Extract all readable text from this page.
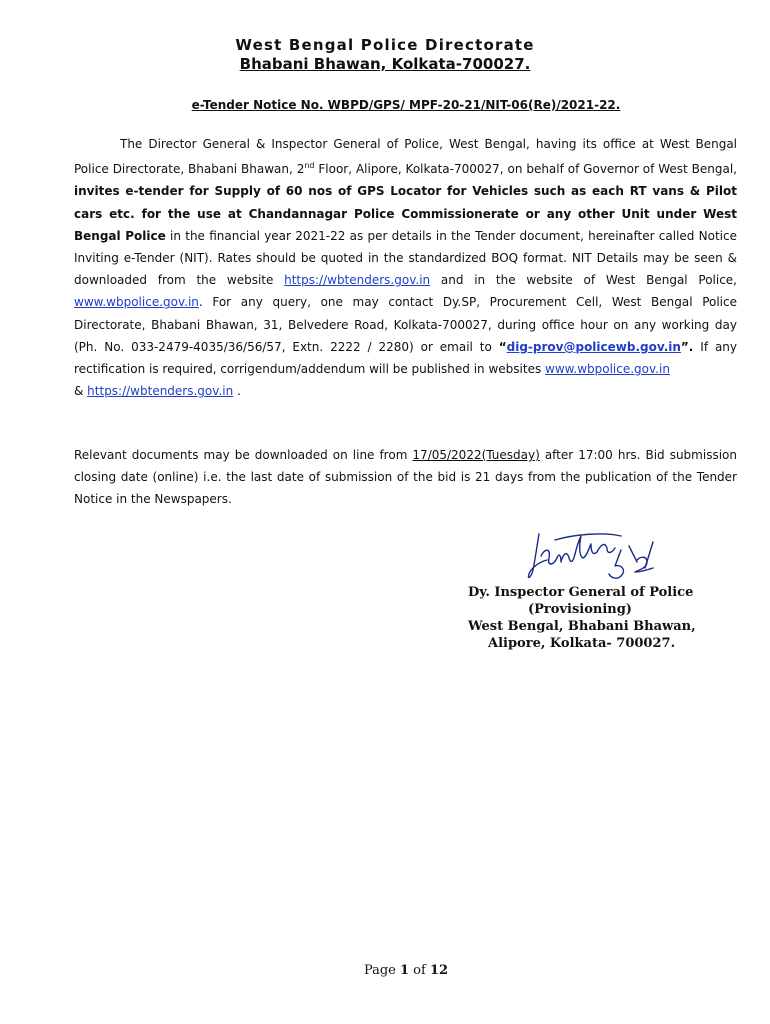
West Bengal Police Directorate
Bhabani Bhawan, Kolkata-700027.
e-Tender Notice No. WBPD/GPS/ MPF-20-21/NIT-06(Re)/2021-22.
The Director General & Inspector General of Police, West Bengal, having its office at West Bengal Police Directorate, Bhabani Bhawan, 2nd Floor, Alipore, Kolkata-700027, on behalf of Governor of West Bengal, invites e-tender for Supply of 60 nos of GPS Locator for Vehicles such as each RT vans & Pilot cars etc. for the use at Chandannagar Police Commissionerate or any other Unit under West Bengal Police in the financial year 2021-22 as per details in the Tender document, hereinafter called Notice Inviting e-Tender (NIT). Rates should be quoted in the standardized BOQ format. NIT Details may be seen & downloaded from the website https://wbtenders.gov.in and in the website of West Bengal Police, www.wbpolice.gov.in. For any query, one may contact Dy.SP, Procurement Cell, West Bengal Police Directorate, Bhabani Bhawan, 31, Belvedere Road, Kolkata-700027, during office hour on any working day (Ph. No. 033-2479-4035/36/56/57, Extn. 2222 / 2280) or email to “dig-prov@policewb.gov.in”. If any rectification is required, corrigendum/addendum will be published in websites www.wbpolice.gov.in
& https://wbtenders.gov.in .
Relevant documents may be downloaded on line from 17/05/2022(Tuesday) after 17:00 hrs. Bid submission closing date (online) i.e. the last date of submission of the bid is 21 days from the publication of the Tender Notice in the Newspapers.
Dy. Inspector General of Police
(Provisioning)
West Bengal, Bhabani Bhawan,
Alipore, Kolkata- 700027.
Page 1 of 12
